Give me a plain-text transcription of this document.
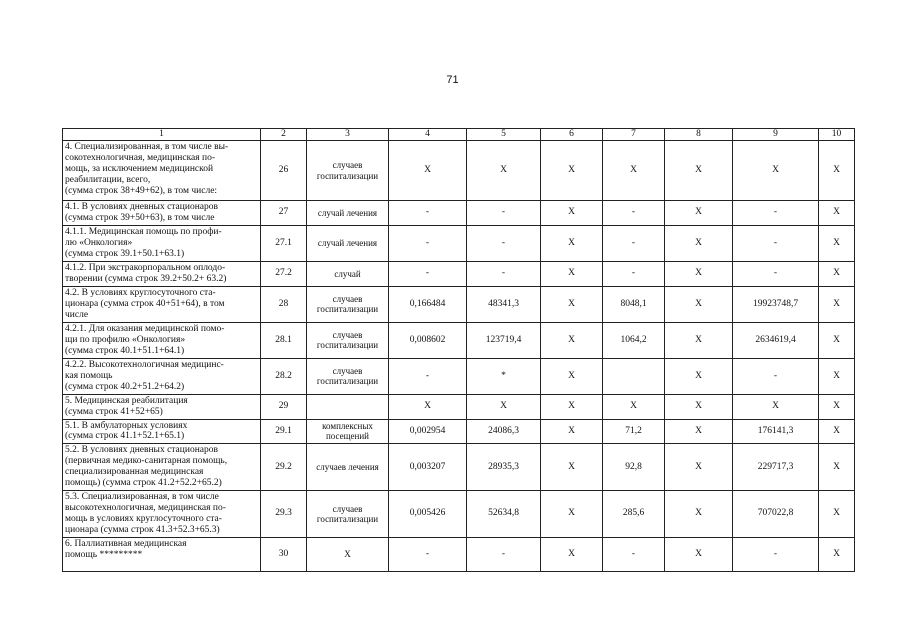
71
1	2	3	4	5	6	7	8	9	10
4. Специализированная, в том числе вы-
сокотехнологичная, медицинская по-
мощь, за исключением медицинской
реабилитации, всего,
(сумма строк 38+49+62), в том числе:	26	случаев госпитализации	X	X	X	X	X	X	X
4.1. В условиях дневных стационаров
(сумма строк 39+50+63), в том числе	27	случай лечения	-	-	X	-	X	-	X
4.1.1. Медицинская помощь по профи-
лю «Онкология»
(сумма строк 39.1+50.1+63.1)	27.1	случай лечения	-	-	X	-	X	-	X
4.1.2. При экстракорпоральном оплодо-
творении (сумма строк 39.2+50.2+ 63.2)	27.2	случай	-	-	X	-	X	-	X
4.2. В условиях круглосуточного ста-
ционара (сумма строк 40+51+64), в том
числе	28	случаев госпитализации	0,166484	48341,3	X	8048,1	X	19923748,7	X
4.2.1. Для оказания медицинской помо-
щи по профилю «Онкология»
(сумма строк 40.1+51.1+64.1)	28.1	случаев госпитализации	0,008602	123719,4	X	1064,2	X	2634619,4	X
4.2.2. Высокотехнологичная медицинс-
кая помощь
(сумма строк 40.2+51.2+64.2)	28.2	случаев госпитализации	-	*	X		X	-	X
5. Медицинская реабилитация
(сумма строк 41+52+65)	29		X	X	X	X	X	X	X
5.1. В амбулаторных условиях
(сумма строк 41.1+52.1+65.1)	29.1	комплексных посещений	0,002954	24086,3	X	71,2	X	176141,3	X
5.2. В условиях дневных стационаров
(первичная медико-санитарная помощь,
специализированная медицинская
помощь) (сумма строк 41.2+52.2+65.2)	29.2	случаев лечения	0,003207	28935,3	X	92,8	X	229717,3	X
5.3. Специализированная, в том числе
высокотехнологичная, медицинская по-
мощь в условиях круглосуточного ста-
ционара (сумма строк 41.3+52.3+65.3)	29.3	случаев госпитализации	0,005426	52634,8	X	285,6	X	707022,8	X
6. Паллиативная медицинская
помощь *********	30	X	-	-	X	-	X	-	X
